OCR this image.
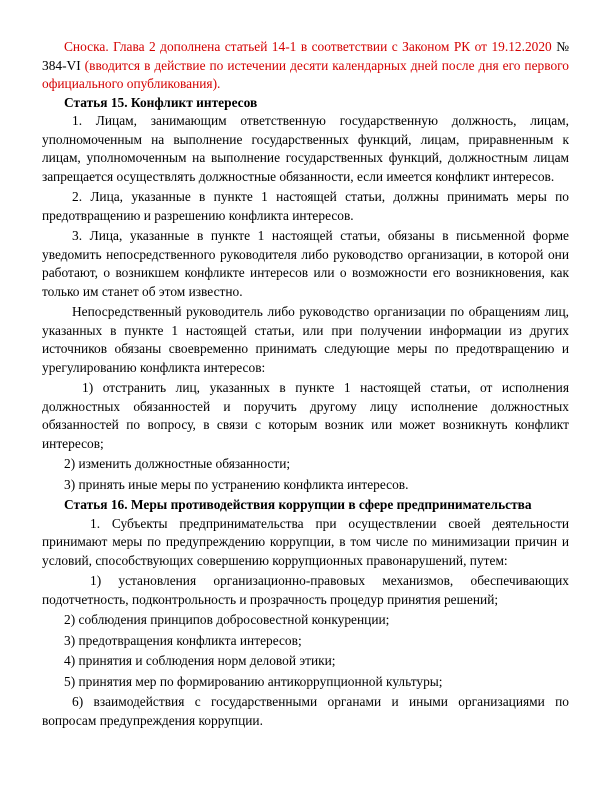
Сноска. Глава 2 дополнена статьей 14-1 в соответствии с Законом РК от 19.12.2020 № 384-VI (вводится в действие по истечении десяти календарных дней после дня его первого официального опубликования).

Статья 15. Конфликт интересов

1. Лицам, занимающим ответственную государственную должность, лицам, уполномоченным на выполнение государственных функций, лицам, приравненным к лицам, уполномоченным на выполнение государственных функций, должностным лицам запрещается осуществлять должностные обязанности, если имеется конфликт интересов.

2. Лица, указанные в пункте 1 настоящей статьи, должны принимать меры по предотвращению и разрешению конфликта интересов.

3. Лица, указанные в пункте 1 настоящей статьи, обязаны в письменной форме уведомить непосредственного руководителя либо руководство организации, в которой они работают, о возникшем конфликте интересов или о возможности его возникновения, как только им станет об этом известно.

Непосредственный руководитель либо руководство организации по обращениям лиц, указанных в пункте 1 настоящей статьи, или при получении информации из других источников обязаны своевременно принимать следующие меры по предотвращению и урегулированию конфликта интересов:

1) отстранить лиц, указанных в пункте 1 настоящей статьи, от исполнения должностных обязанностей и поручить другому лицу исполнение должностных обязанностей по вопросу, в связи с которым возник или может возникнуть конфликт интересов;

2) изменить должностные обязанности;

3) принять иные меры по устранению конфликта интересов.

Статья 16. Меры противодействия коррупции в сфере предпринимательства

1. Субъекты предпринимательства при осуществлении своей деятельности принимают меры по предупреждению коррупции, в том числе по минимизации причин и условий, способствующих совершению коррупционных правонарушений, путем:

1) установления организационно-правовых механизмов, обеспечивающих подотчетность, подконтрольность и прозрачность процедур принятия решений;

2) соблюдения принципов добросовестной конкуренции;

3) предотвращения конфликта интересов;

4) принятия и соблюдения норм деловой этики;

5) принятия мер по формированию антикоррупционной культуры;

6) взаимодействия с государственными органами и иными организациями по вопросам предупреждения коррупции.
